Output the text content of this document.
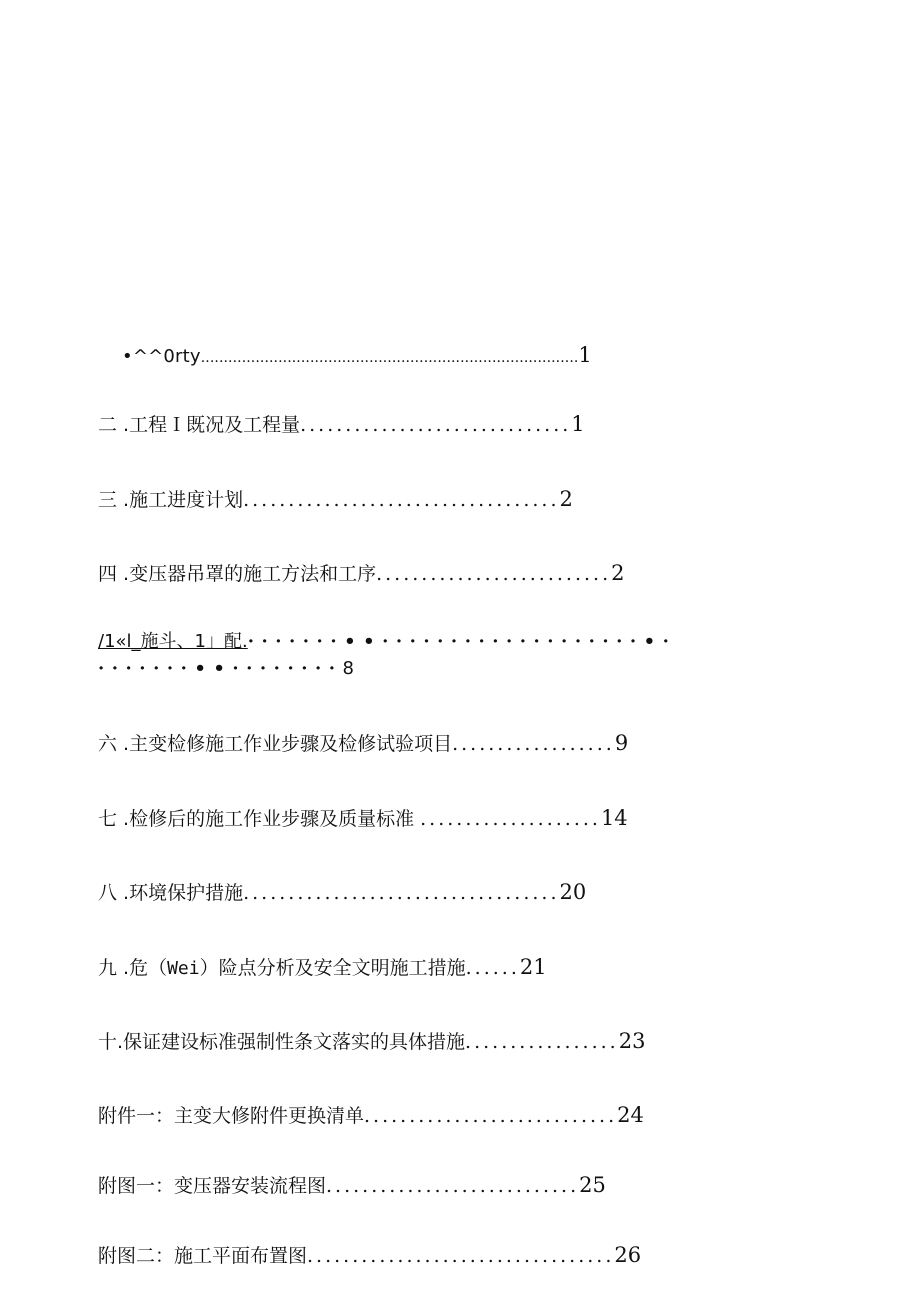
•^^0rty...................................................................................1
二 .工程Ｉ既况及工程量..............................1
三 .施工进度计划...................................2
四 .变压器吊罩的施工方法和工序..........................2
/1«l_施斗、1」配.·······••···················•·
·······••········8
六 .主变检修施工作业步骤及检修试验项目..................9
七 .检修后的施工作业步骤及质量标准 ....................14
八 .环境保护措施...................................20
九 .危（Wei）险点分析及安全文明施工措施......21
十.保证建设标准强制性条文落实的具体措施.................23
附件一：主变大修附件更换清单............................24
附图一：变压器安装流程图............................25
附图二：施工平面布置图..................................26
